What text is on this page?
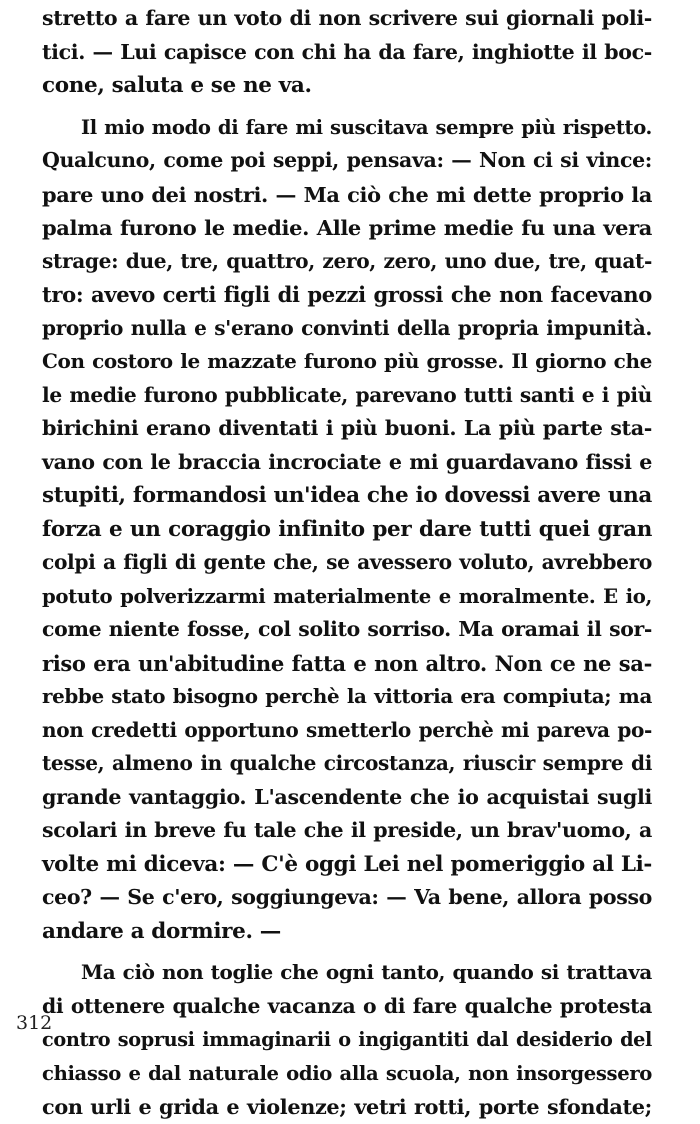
stretto a fare un voto di non scrivere sui giornali poli-
tici. — Lui capisce con chi ha da fare, inghiotte il boc-
cone, saluta e se ne va.
Il mio modo di fare mi suscitava sempre più rispetto.
Qualcuno, come poi seppi, pensava: — Non ci si vince:
pare uno dei nostri. — Ma ciò che mi dette proprio la
palma furono le medie. Alle prime medie fu una vera
strage: due, tre, quattro, zero, zero, uno due, tre, quat-
tro: avevo certi figli di pezzi grossi che non facevano
proprio nulla e s'erano convinti della propria impunità.
Con costoro le mazzate furono più grosse. Il giorno che
le medie furono pubblicate, parevano tutti santi e i più
birichini erano diventati i più buoni. La più parte sta-
vano con le braccia incrociate e mi guardavano fissi e
stupiti, formandosi un'idea che io dovessi avere una
forza e un coraggio infinito per dare tutti quei gran
colpi a figli di gente che, se avessero voluto, avrebbero
potuto polverizzarmi materialmente e moralmente. E io,
come niente fosse, col solito sorriso. Ma oramai il sor-
riso era un'abitudine fatta e non altro. Non ce ne sa-
rebbe stato bisogno perchè la vittoria era compiuta; ma
non credetti opportuno smetterlo perchè mi pareva po-
tesse, almeno in qualche circostanza, riuscir sempre di
grande vantaggio. L'ascendente che io acquistai sugli
scolari in breve fu tale che il preside, un brav'uomo, a
volte mi diceva: — C'è oggi Lei nel pomeriggio al Li-
ceo? — Se c'ero, soggiungeva: — Va bene, allora posso
andare a dormire. —
Ma ciò non toglie che ogni tanto, quando si trattava
di ottenere qualche vacanza o di fare qualche protesta
contro soprusi immaginarii o ingigantiti dal desiderio del
chiasso e dal naturale odio alla scuola, non insorgessero
con urli e grida e violenze; vetri rotti, porte sfondate;
312
